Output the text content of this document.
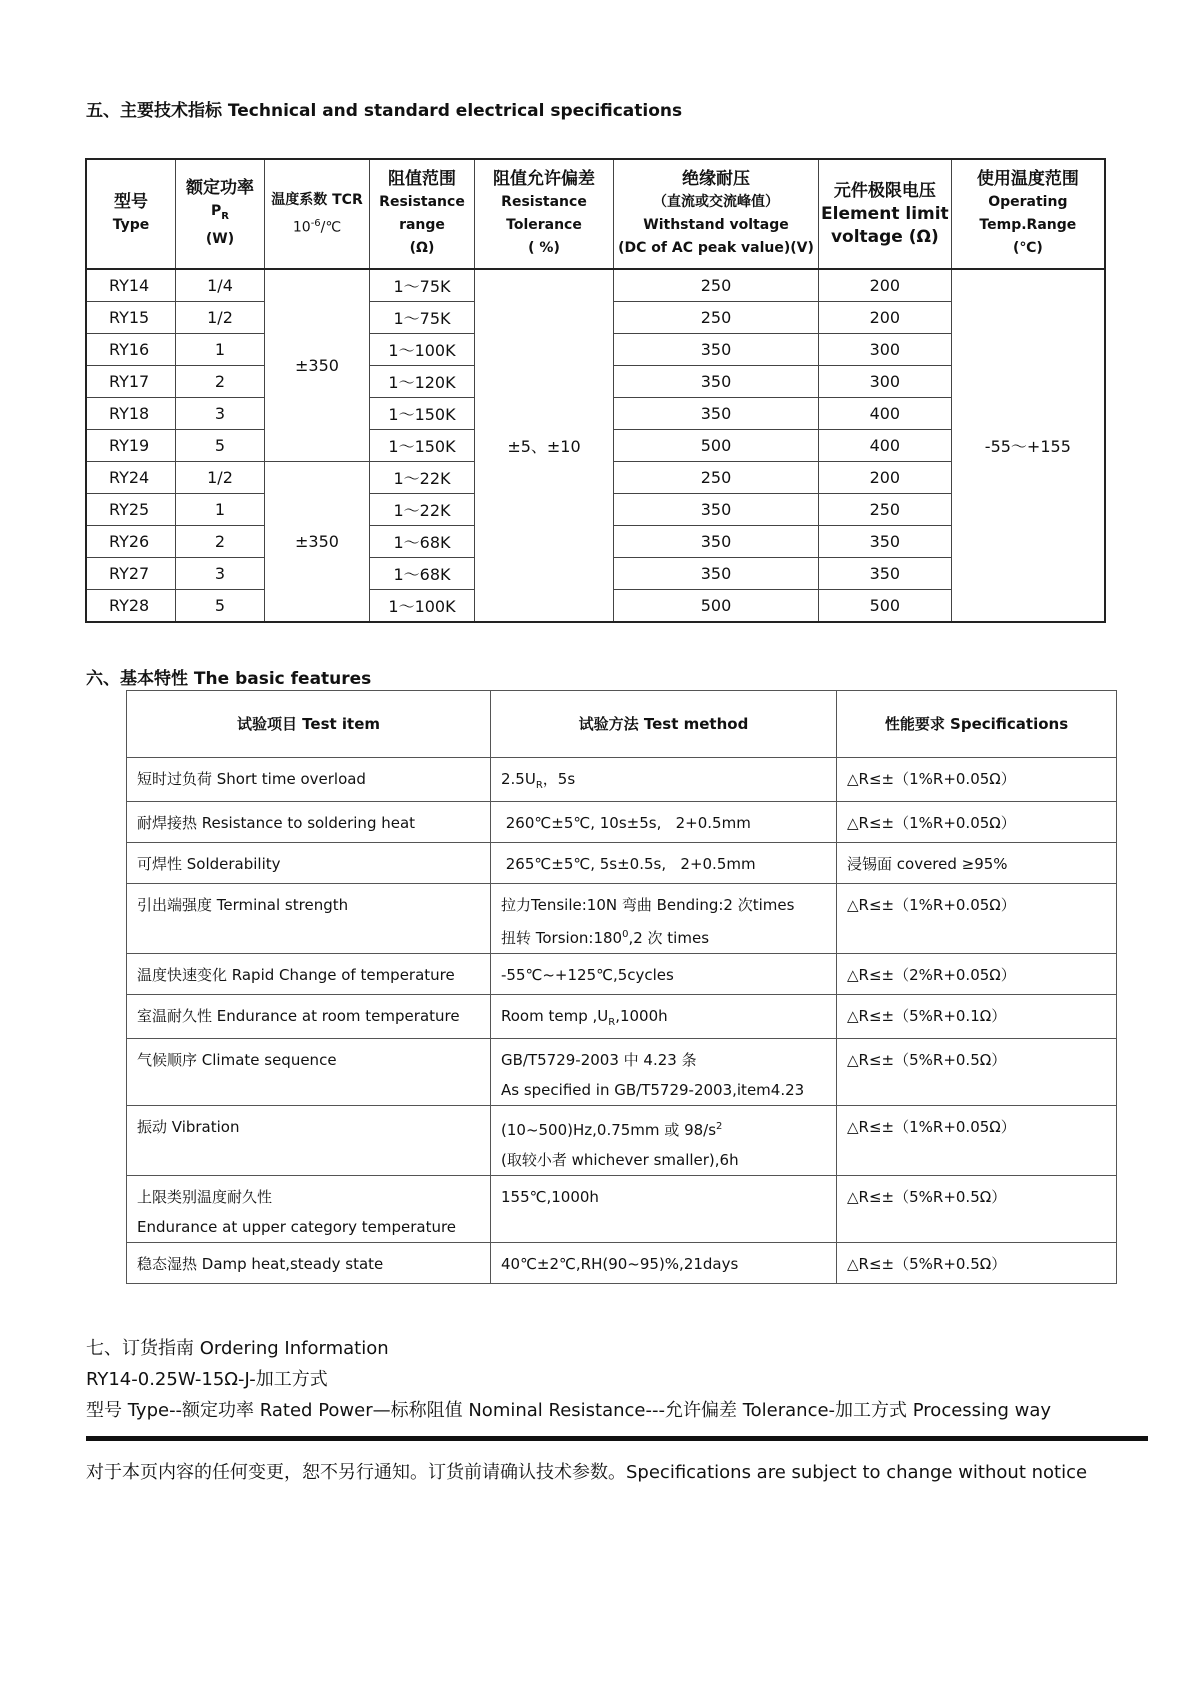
五、主要技术指标 Technical and standard electrical specifications
型号
Type	额定功率
$P_R$
(W)	温度系数 TCR
$10^{-6}/℃$	阻值范围
Resistance
range
(Ω)	阻值允许偏差
Resistance
Tolerance
( %)	绝缘耐压
（直流或交流峰值）
Withstand voltage
(DC of AC peak value)(V)	元件极限电压
Element limit
voltage (Ω)	使用温度范围
Operating
Temp.Range
(℃)

RY14	1/4	±350	1～75K	±5、±10	250	200	-55～+155
RY15	1/2		1～75K		250	200	
RY16	1		1～100K		350	300	
RY17	2		1～120K		350	300	
RY18	3		1～150K		350	400	
RY19	5		1～150K		500	400	
RY24	1/2	±350	1～22K		250	200	
RY25	1		1～22K		350	250	
RY26	2		1～68K		350	350	
RY27	3		1～68K		350	350	
RY28	5		1～100K		500	500	
六、基本特性 The basic features
试验项目 Test item	试验方法 Test method	性能要求 Specifications

短时过负荷 Short time overload	$2.5U_R$，5s	△R≤±（1%R+0.05Ω）

耐焊接热 Resistance to soldering heat	260℃±5℃, 10s±5s,   2+0.5mm	△R≤±（1%R+0.05Ω）

可焊性 Solderability	265℃±5℃, 5s±0.5s,   2+0.5mm	浸锡面 covered ≥95%

引出端强度 Terminal strength	拉力Tensile:10N 弯曲 Bending:2 次times
扭转 $Torsion:180^0,2$ 次 times	△R≤±（1%R+0.05Ω）

温度快速变化 Rapid Change of temperature	-55℃~+125℃,5cycles	△R≤±（2%R+0.05Ω）

室温耐久性 Endurance at room temperature	Room temp $,U_R,1000h$	△R≤±（5%R+0.1Ω）

气候顺序 Climate sequence	GB/T5729-2003 中 4.23 条
As specified in GB/T5729-2003,item4.23	△R≤±（5%R+0.5Ω）

振动 Vibration	(10~500)Hz,0.75mm 或 $98/s^2$
(取较小者 whichever smaller),6h	△R≤±（1%R+0.05Ω）

上限类别温度耐久性
Endurance at upper category temperature	155℃,1000h	△R≤±（5%R+0.5Ω）

稳态湿热 Damp heat,steady state	40℃±2℃,RH(90~95)%,21days	△R≤±（5%R+0.5Ω）
七、订货指南 Ordering Information
RY14-0.25W-15Ω-J-加工方式
型号 Type--额定功率 Rated Power—标称阻值 Nominal Resistance---允许偏差 Tolerance-加工方式 Processing way
对于本页内容的任何变更，恕不另行通知。订货前请确认技术参数。Specifications are subject to change without notice
